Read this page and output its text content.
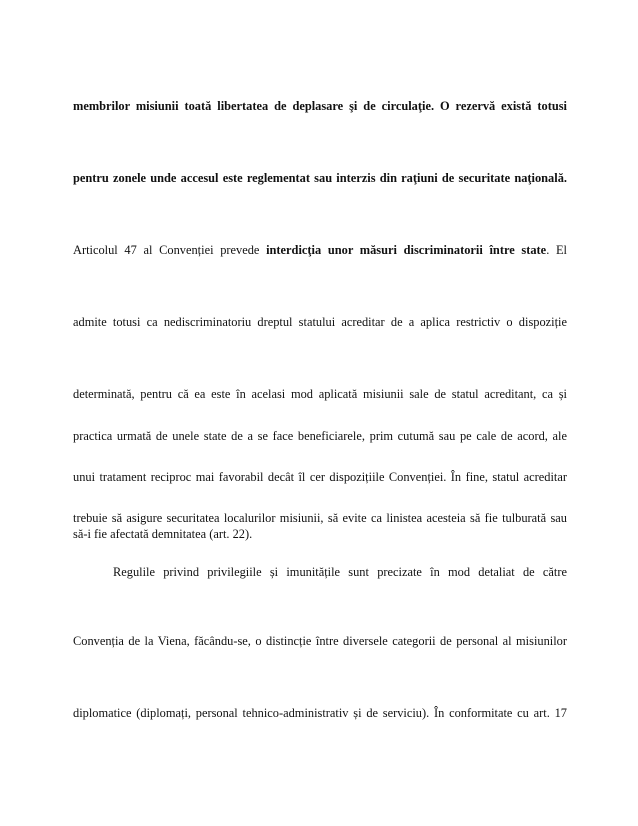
membrilor misiunii toată libertatea de deplasare şi de circulaţie. O rezervă există totusi
pentru zonele unde accesul este reglementat sau interzis din raţiuni de securitate naţională.
Articolul 47 al Convenției prevede interdicţia unor măsuri discriminatorii între state. El
admite totusi ca nediscriminatoriu dreptul statului acreditar de a aplica restrictiv o dispoziție
determinată, pentru că ea este în acelasi mod aplicată misiunii sale de statul acreditant, ca și
practica urmată de unele state de a se face beneficiarele, prim cutumă sau pe cale de acord, ale
unui tratament reciproc mai favorabil decât îl cer dispozițiile Convenției. În fine, statul acreditar
trebuie să asigure securitatea localurilor misiunii, să evite ca linistea acesteia să fie tulburată sau
să-i fie afectată demnitatea (art. 22).
Regulile privind privilegiile și imunitățile sunt precizate în mod detaliat de către
Convenția de la Viena, făcându-se, o distincție între diversele categorii de personal al misiunilor
diplomatice (diplomați, personal tehnico-administrativ și de serviciu). În conformitate cu art. 17
